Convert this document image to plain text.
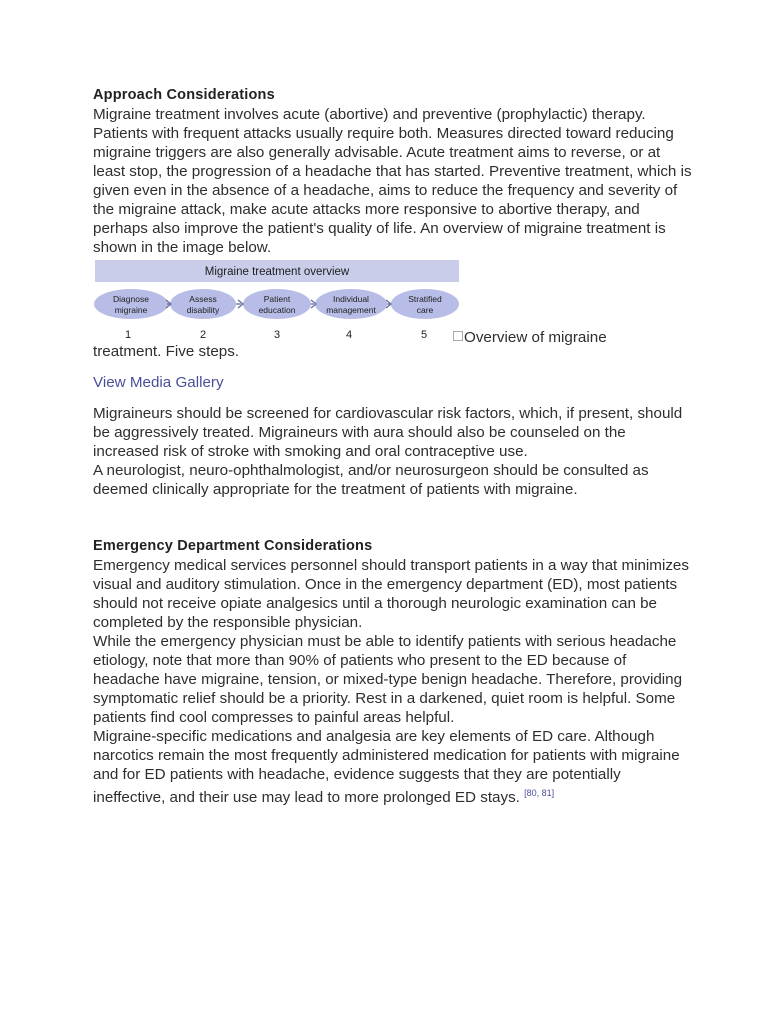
Approach Considerations

Migraine treatment involves acute (abortive) and preventive (prophylactic) therapy. Patients with frequent attacks usually require both. Measures directed toward reducing migraine triggers are also generally advisable. Acute treatment aims to reverse, or at least stop, the progression of a headache that has started. Preventive treatment, which is given even in the absence of a headache, aims to reduce the frequency and severity of the migraine attack, make acute attacks more responsive to abortive therapy, and perhaps also improve the patient's quality of life. An overview of migraine treatment is shown in the image below.

Migraine treatment overview
Diagnose
migraine
1
Assess
disability
2
Patient
education
3
Individual
management
4
Stratified
care
5	Overview of migraine

treatment. Five steps.

View Media Gallery

Migraineurs should be screened for cardiovascular risk factors, which, if present, should be aggressively treated. Migraineurs with aura should also be counseled on the increased risk of stroke with smoking and oral contraceptive use.

A neurologist, neuro-ophthalmologist, and/or neurosurgeon should be consulted as deemed clinically appropriate for the treatment of patients with migraine.

Emergency Department Considerations

Emergency medical services personnel should transport patients in a way that minimizes visual and auditory stimulation. Once in the emergency department (ED), most patients should not receive opiate analgesics until a thorough neurologic examination can be completed by the responsible physician.

While the emergency physician must be able to identify patients with serious headache etiology, note that more than 90% of patients who present to the ED because of headache have migraine, tension, or mixed-type benign headache. Therefore, providing symptomatic relief should be a priority. Rest in a darkened, quiet room is helpful. Some patients find cool compresses to painful areas helpful.

Migraine-specific medications and analgesia are key elements of ED care. Although narcotics remain the most frequently administered medication for patients with migraine and for ED patients with headache, evidence suggests that they are potentially ineffective, and their use may lead to more prolonged ED stays. [80, 81]
